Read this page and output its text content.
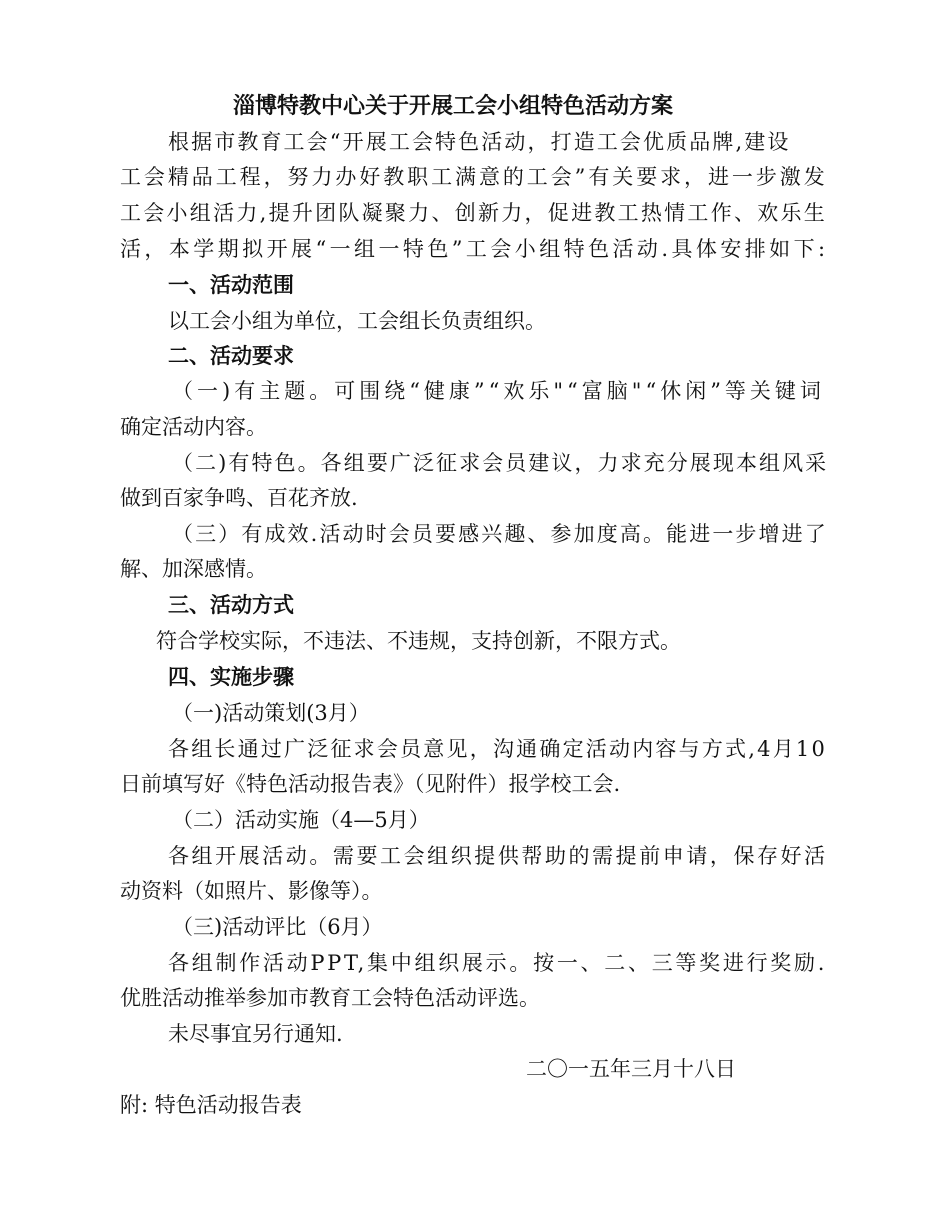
淄博特教中心关于开展工会小组特色活动方案
根据市教育工会“开展工会特色活动，打造工会优质品牌,建设
工会精品工程，努力办好教职工满意的工会”有关要求，进一步激发
工会小组活力,提升团队凝聚力、创新力，促进教工热情工作、欢乐生
活，本学期拟开展“一组一特色”工会小组特色活动.具体安排如下:
一、活动范围
以工会小组为单位，工会组长负责组织。
二、活动要求
（一)有主题。可围绕“健康”“欢乐"“富脑"“休闲”等关键词
确定活动内容。
（二)有特色。各组要广泛征求会员建议，力求充分展现本组风采
做到百家争鸣、百花齐放.
（三）有成效.活动时会员要感兴趣、参加度高。能进一步增进了
解、加深感情。
三、活动方式
符合学校实际，不违法、不违规，支持创新，不限方式。
四、实施步骤
（一)活动策划(3月）
各组长通过广泛征求会员意见，沟通确定活动内容与方式,4月10
日前填写好《特色活动报告表》（见附件）报学校工会.
（二）活动实施（4—5月）
各组开展活动。需要工会组织提供帮助的需提前申请，保存好活
动资料（如照片、影像等）。
（三)活动评比（6月）
各组制作活动PPT,集中组织展示。按一、二、三等奖进行奖励.
优胜活动推举参加市教育工会特色活动评选。
未尽事宜另行通知.
二〇一五年三月十八日
附: 特色活动报告表
